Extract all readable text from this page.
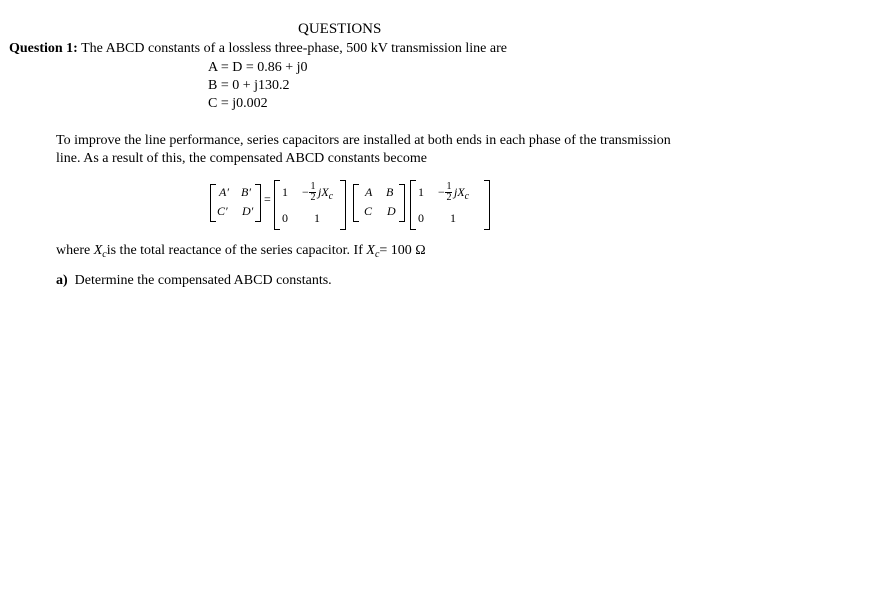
QUESTIONS
Question 1: The ABCD constants of a lossless three-phase, 500 kV transmission line are
A = D = 0.86 + j0
B = 0 + j130.2
C = j0.002
To improve the line performance, series capacitors are installed at both ends in each phase of the transmission line. As a result of this, the compensated ABCD constants become
A′ B′
C′ D′
= 1 − 1
2 $jX_c$
0 1
A B
C D
1 − 1
2 $jX_c$
0 1
where $X_cis$ the total reactance of the series capacitor. If $X_c= 100$ Ω
a) Determine the compensated ABCD constants.
